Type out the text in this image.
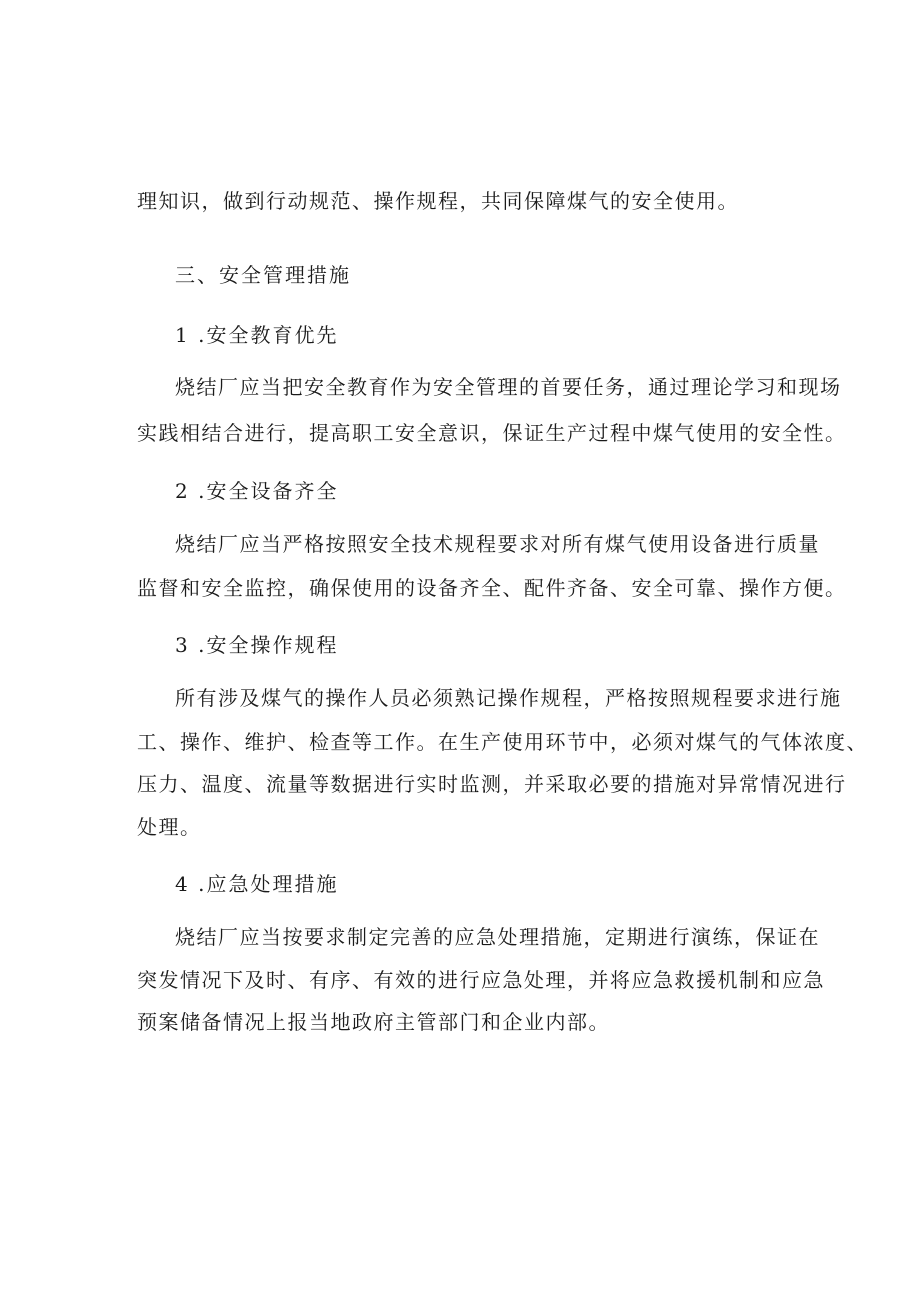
理知识，做到行动规范、操作规程，共同保障煤气的安全使用。
三、安全管理措施
1 .安全教育优先
烧结厂应当把安全教育作为安全管理的首要任务，通过理论学习和现场
实践相结合进行，提高职工安全意识，保证生产过程中煤气使用的安全性。
2 .安全设备齐全
烧结厂应当严格按照安全技术规程要求对所有煤气使用设备进行质量
监督和安全监控，确保使用的设备齐全、配件齐备、安全可靠、操作方便。
3 .安全操作规程
所有涉及煤气的操作人员必须熟记操作规程，严格按照规程要求进行施
工、操作、维护、检查等工作。在生产使用环节中，必须对煤气的气体浓度、
压力、温度、流量等数据进行实时监测，并采取必要的措施对异常情况进行
处理。
4 .应急处理措施
烧结厂应当按要求制定完善的应急处理措施，定期进行演练，保证在
突发情况下及时、有序、有效的进行应急处理，并将应急救援机制和应急
预案储备情况上报当地政府主管部门和企业内部。
